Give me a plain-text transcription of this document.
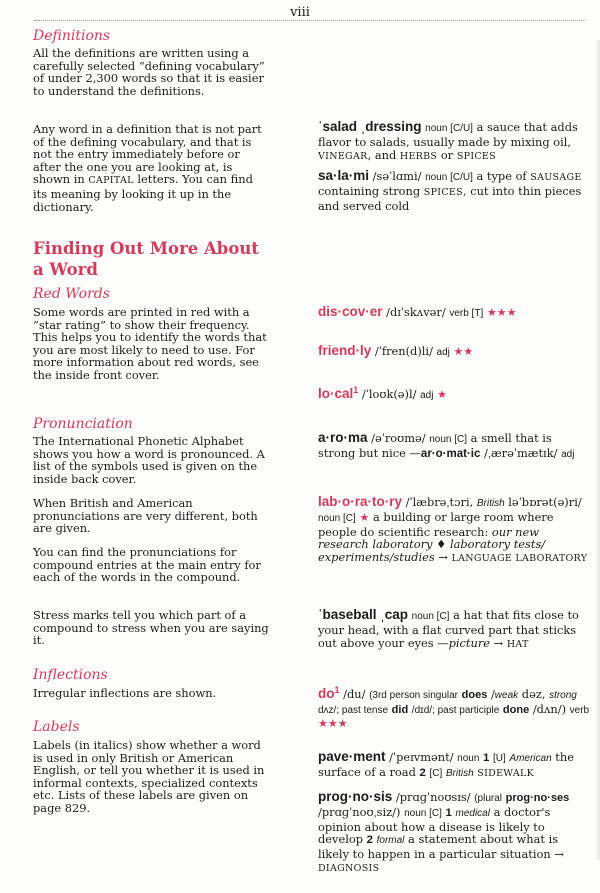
viii
Definitions
All the definitions are written using a carefully selected “defining vocabulary” of under 2,300 words so that it is easier to understand the definitions.
Any word in a definition that is not part of the defining vocabulary, and that is not the entry immediately before or after the one you are looking at, is shown in CAPITAL letters. You can find its meaning by looking it up in the dictionary.
Finding Out More About a Word
Red Words
Some words are printed in red with a “star rating” to show their frequency. This helps you to identify the words that you are most likely to need to use. For more information about red words, see the inside front cover.
Pronunciation
The International Phonetic Alphabet shows you how a word is pronounced. A list of the symbols used is given on the inside back cover.
When British and American pronunciations are very different, both are given.
You can find the pronunciations for compound entries at the main entry for each of the words in the compound.
Stress marks tell you which part of a compound to stress when you are saying it.
Inflections
Irregular inflections are shown.
Labels
Labels (in italics) show whether a word is used in only British or American English, or tell you whether it is used in informal contexts, specialized contexts etc. Lists of these labels are given on page 829.
ˈsalad ˌdressing noun [C/U] a sauce that adds flavor to salads, usually made by mixing oil, VINEGAR, and HERBS or SPICES
sa·la·mi /səˈlɑmi/ noun [C/U] a type of SAUSAGE containing strong SPICES, cut into thin pieces and served cold
dis·cov·er /dɪˈskʌvər/ verb [T] ★★★
friend·ly /ˈfren(d)li/ adj ★★
lo·cal$^1$ /ˈloʊk(ə)l/ adj ★
a·ro·ma /əˈroʊmə/ noun [C] a smell that is strong but nice —ar·o·mat·ic /ˌærəˈmætɪk/ adj
lab·o·ra·to·ry /ˈlæbrəˌtɔri, British ləˈbɒrət(ə)ri/ noun [C] ★ a building or large room where people do scientific research: our new research laboratory ♦ laboratory tests/ experiments/studies → LANGUAGE LABORATORY
ˈbaseball ˌcap noun [C] a hat that fits close to your head, with a flat curved part that sticks out above your eyes —picture → HAT
$do^1$ /du/ (3rd person singular does /weak dəz, strong dʌz/; past tense did /dɪd/; past participle done /dʌn/) verb ★★★
pave·ment /ˈpeɪvmənt/ noun 1 [U] American the surface of a road 2 [C] British SIDEWALK
prog·no·sis /prɑɡˈnoʊsɪs/ (plural prog·no·ses /prɑɡˈnoʊˌsiz/) noun [C] 1 medical a doctor's opinion about how a disease is likely to develop 2 formal a statement about what is likely to happen in a particular situation → DIAGNOSIS
